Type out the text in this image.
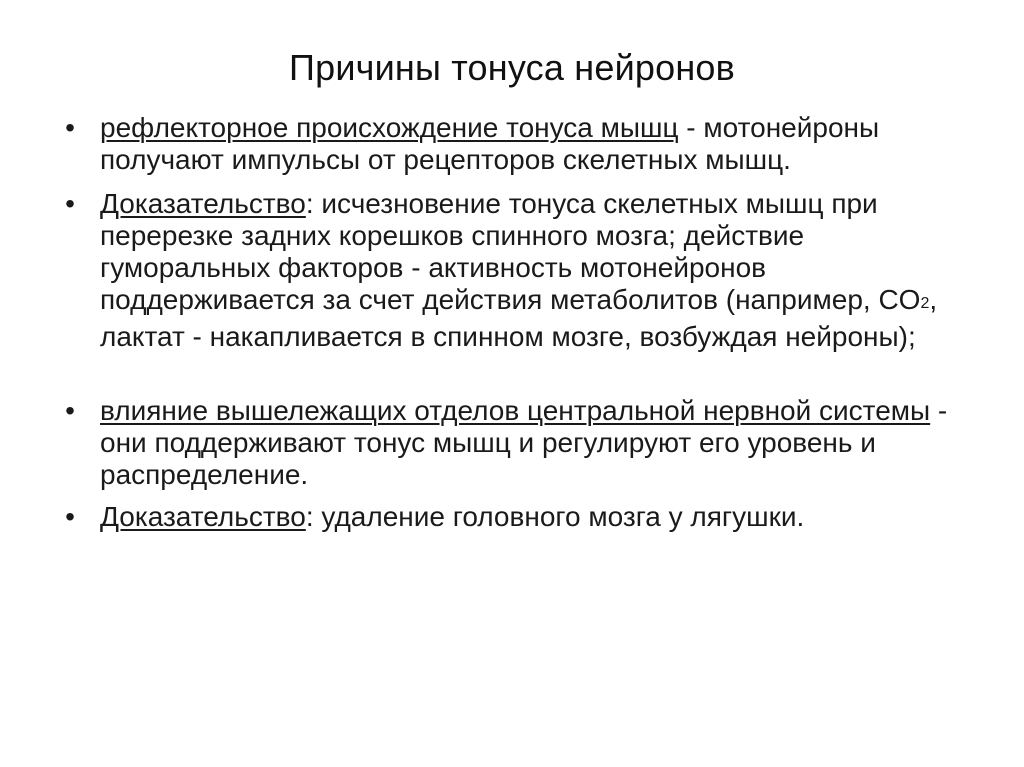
Причины тонуса нейронов
• рефлекторное происхождение тонуса мышц - мотонейроны получают импульсы от рецепторов скелетных мышц.
• Доказательство: исчезновение тонуса скелетных мышц при перерезке задних корешков спинного мозга; действие гуморальных факторов - активность мотонейронов поддерживается за счет действия метаболитов (например, $CO_2$, лактат - накапливается в спинном мозге, возбуждая нейроны);
• влияние вышележащих отделов центральной нервной системы - они поддерживают тонус мышц и регулируют его уровень и распределение.
• Доказательство: удаление головного мозга у лягушки.
